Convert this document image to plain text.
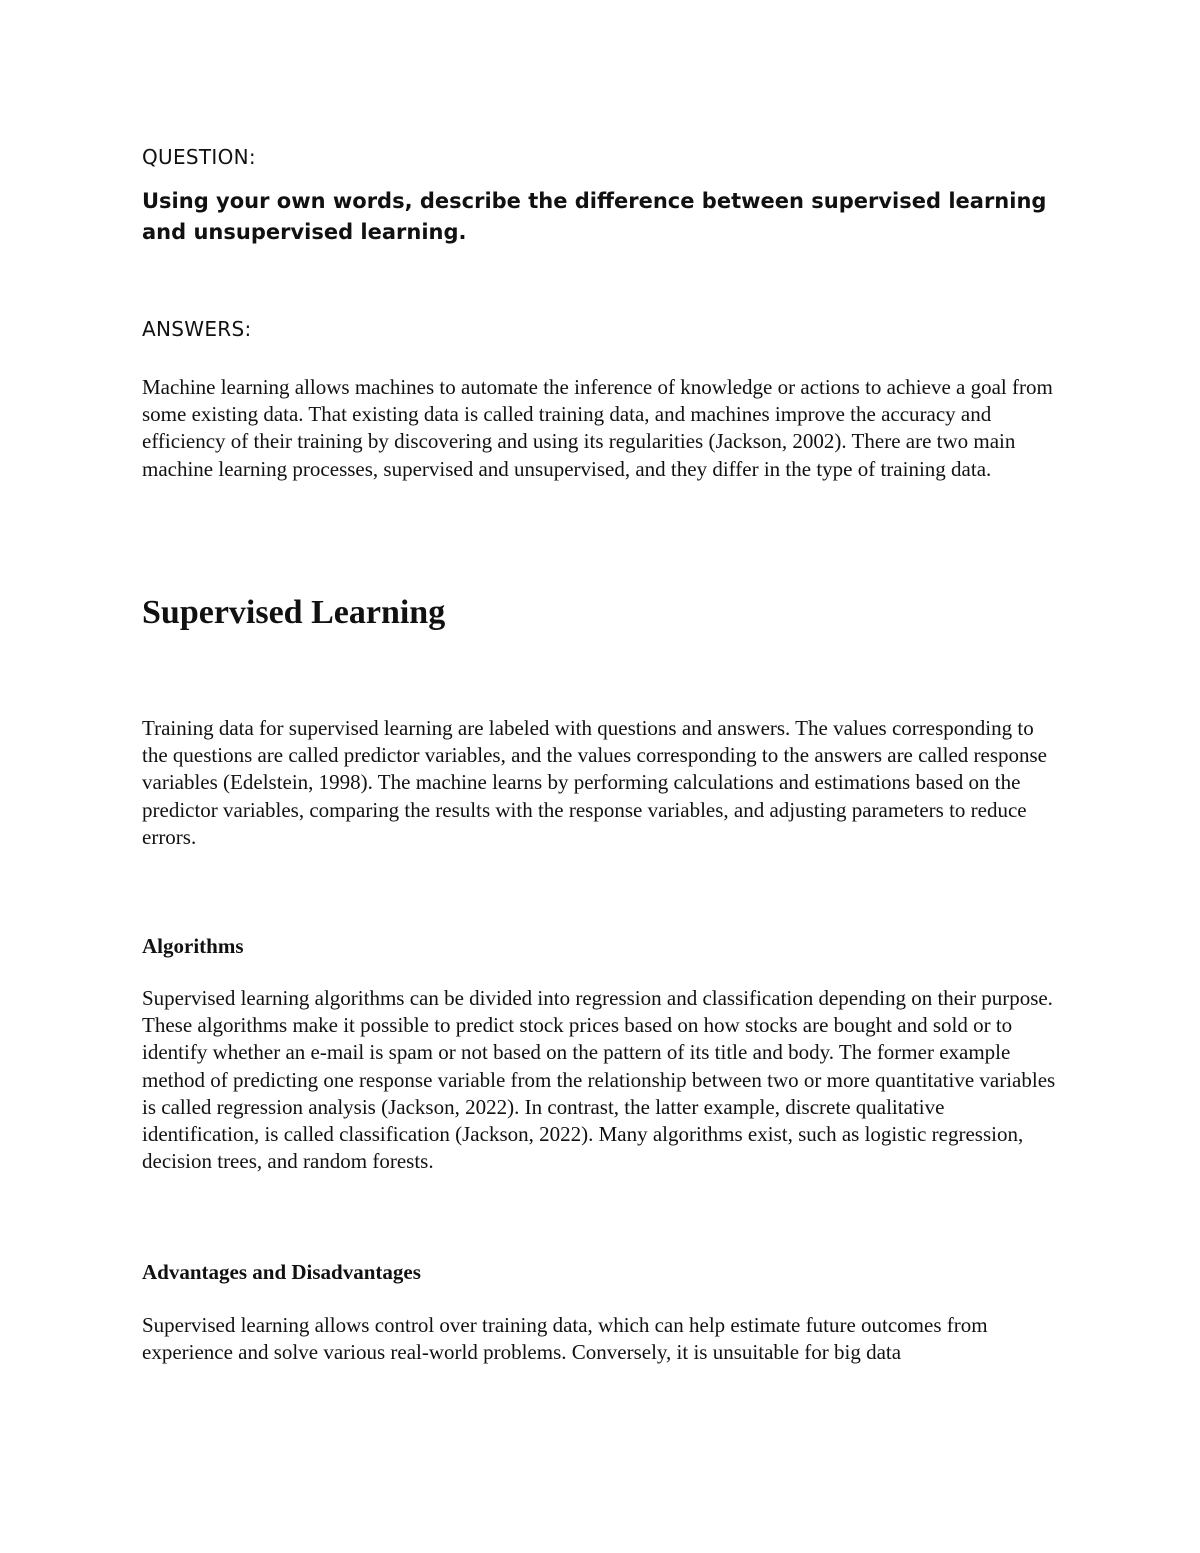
QUESTION:

Using your own words, describe the difference between supervised learning and unsupervised learning.

ANSWERS:

Machine learning allows machines to automate the inference of knowledge or actions to achieve a goal from some existing data. That existing data is called training data, and machines improve the accuracy and efficiency of their training by discovering and using its regularities (Jackson, 2002). There are two main machine learning processes, supervised and unsupervised, and they differ in the type of training data.

Supervised Learning

Training data for supervised learning are labeled with questions and answers. The values corresponding to the questions are called predictor variables, and the values corresponding to the answers are called response variables (Edelstein, 1998). The machine learns by performing calculations and estimations based on the predictor variables, comparing the results with the response variables, and adjusting parameters to reduce errors.

Algorithms

Supervised learning algorithms can be divided into regression and classification depending on their purpose. These algorithms make it possible to predict stock prices based on how stocks are bought and sold or to identify whether an e-mail is spam or not based on the pattern of its title and body. The former example method of predicting one response variable from the relationship between two or more quantitative variables is called regression analysis (Jackson, 2022). In contrast, the latter example, discrete qualitative identification, is called classification (Jackson, 2022). Many algorithms exist, such as logistic regression, decision trees, and random forests.

Advantages and Disadvantages

Supervised learning allows control over training data, which can help estimate future outcomes from experience and solve various real-world problems. Conversely, it is unsuitable for big data
